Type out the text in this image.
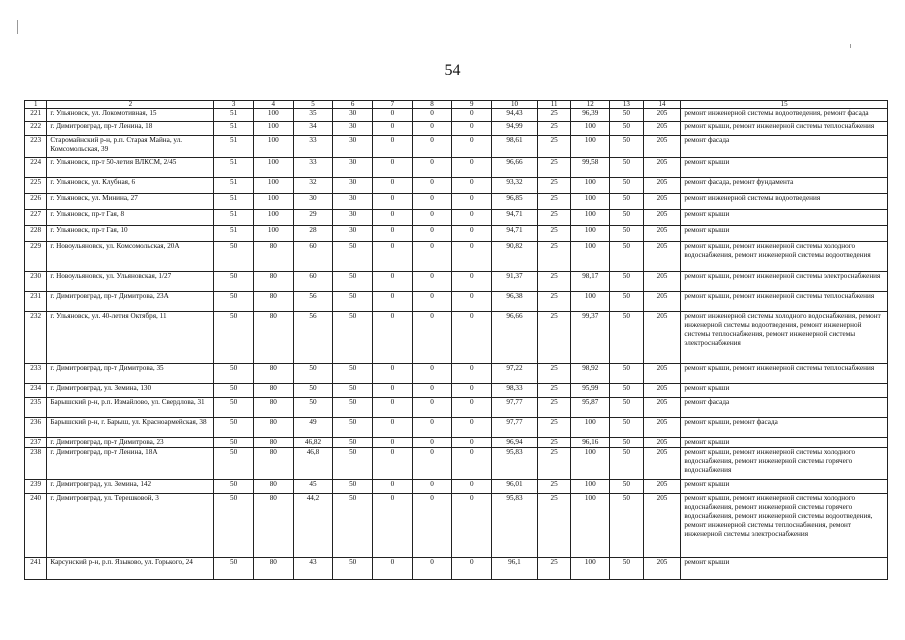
54
1	2	3	4	5	6	7	8	9	10	11	12	13	14	15
221	г. Ульяновск, ул. Локомотивная, 15	51	100	35	30	0	0	0	94,43	25	96,39	50	205	ремонт инженерной системы водоотведения, ремонт фасада
222	г. Димитровград, пр-т Ленина, 18	51	100	34	30	0	0	0	94,99	25	100	50	205	ремонт крыши, ремонт инженерной системы теплоснабжения
223	Старомайнский р-н, р.п. Старая Майна, ул. Комсомольская, 39	51	100	33	30	0	0	0	98,61	25	100	50	205	ремонт фасада
224	г. Ульяновск, пр-т 50-летия ВЛКСМ, 2/45	51	100	33	30	0	0	0	96,66	25	99,58	50	205	ремонт крыши
225	г. Ульяновск, ул. Клубная, 6	51	100	32	30	0	0	0	93,32	25	100	50	205	ремонт фасада, ремонт фундамента
226	г. Ульяновск, ул. Минина, 27	51	100	30	30	0	0	0	96,85	25	100	50	205	ремонт инженерной системы водоотведения
227	г. Ульяновск, пр-т Гая, 8	51	100	29	30	0	0	0	94,71	25	100	50	205	ремонт крыши
228	г. Ульяновск, пр-т Гая, 10	51	100	28	30	0	0	0	94,71	25	100	50	205	ремонт крыши
229	г. Новоульяновск, ул. Комсомольская, 20А	50	80	60	50	0	0	0	90,82	25	100	50	205	ремонт крыши, ремонт инженерной системы холодного водоснабжения, ремонт инженерной системы водоотведения
230	г. Новоульяновск, ул. Ульяновская, 1/27	50	80	60	50	0	0	0	91,37	25	98,17	50	205	ремонт крыши, ремонт инженерной системы электроснабжения
231	г. Димитровград, пр-т Димитрова, 23А	50	80	56	50	0	0	0	96,38	25	100	50	205	ремонт крыши, ремонт инженерной системы теплоснабжения
232	г. Ульяновск, ул. 40-летия Октября, 11	50	80	56	50	0	0	0	96,66	25	99,37	50	205	ремонт инженерной системы холодного водоснабжения, ремонт инженерной системы водоотведения, ремонт инженерной системы теплоснабжения, ремонт инженерной системы электроснабжения
233	г. Димитровград, пр-т Димитрова, 35	50	80	50	50	0	0	0	97,22	25	98,92	50	205	ремонт крыши, ремонт инженерной системы теплоснабжения
234	г. Димитровград, ул. Земина, 130	50	80	50	50	0	0	0	98,33	25	95,99	50	205	ремонт крыши
235	Барышский р-н, р.п. Измайлово, ул. Свердлова, 31	50	80	50	50	0	0	0	97,77	25	95,87	50	205	ремонт фасада
236	Барышский р-н, г. Барыш, ул. Красноармейская, 38	50	80	49	50	0	0	0	97,77	25	100	50	205	ремонт крыши, ремонт фасада
237	г. Димитровград, пр-т Димитрова, 23	50	80	46,82	50	0	0	0	96,94	25	96,16	50	205	ремонт крыши
238	г. Димитровград, пр-т Ленина, 18А	50	80	46,8	50	0	0	0	95,83	25	100	50	205	ремонт крыши, ремонт инженерной системы холодного водоснабжения, ремонт инженерной системы горячего водоснабжения
239	г. Димитровград, ул. Земина, 142	50	80	45	50	0	0	0	96,01	25	100	50	205	ремонт крыши
240	г. Димитровград, ул. Терешковой, 3	50	80	44,2	50	0	0	0	95,83	25	100	50	205	ремонт крыши, ремонт инженерной системы холодного водоснабжения, ремонт инженерной системы горячего водоснабжения, ремонт инженерной системы водоотведения, ремонт инженерной системы теплоснабжения, ремонт инженерной системы электроснабжения
241	Карсунский р-н, р.п. Языково, ул. Горького, 24	50	80	43	50	0	0	0	96,1	25	100	50	205	ремонт крыши
